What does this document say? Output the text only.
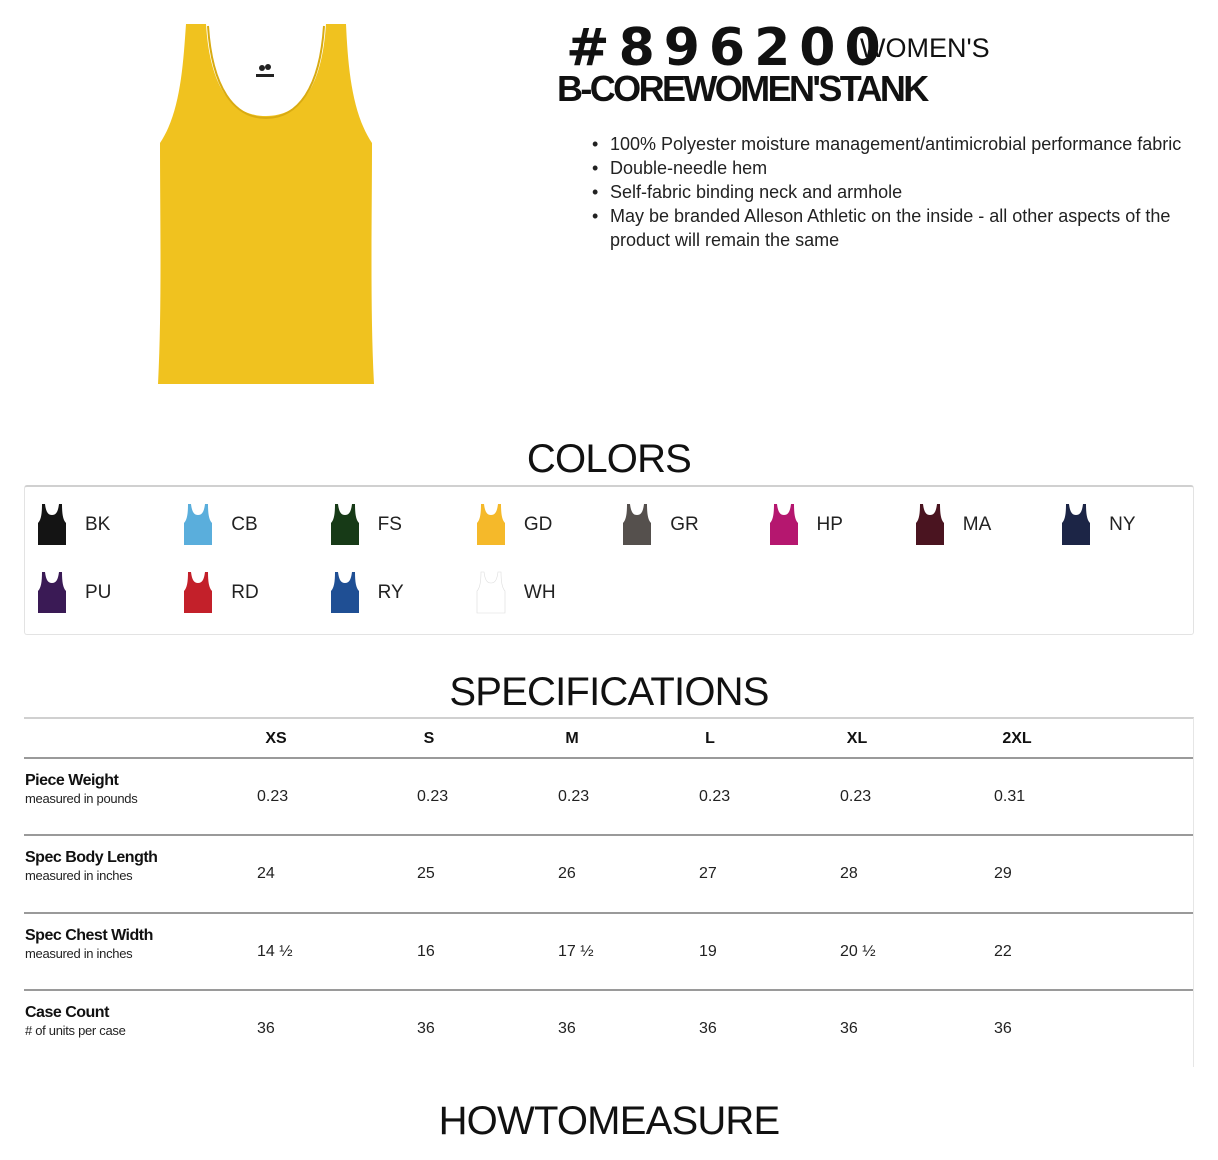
#896200
WOMEN'S
B-COREWOMEN'STANK
• 100% Polyester moisture management/antimicrobial performance fabric
• Double-needle hem
• Self-fabric binding neck and armhole
• May be branded Alleson Athletic on the inside - all other aspects of the product will remain the same
COLORS
BK	CB	FS	GD	GR	HP	MA	NY
PU	RD	RY	WH
SPECIFICATIONS
XS	S	M	L	XL	2XL
Piece Weight
measured in pounds	0.23	0.23	0.23	0.23	0.23	0.31
Spec Body Length
measured in inches	24	25	26	27	28	29
Spec Chest Width
measured in inches	14 ½	16	17 ½	19	20 ½	22
Case Count
# of units per case	36	36	36	36	36	36
HOWTOMEASURE
